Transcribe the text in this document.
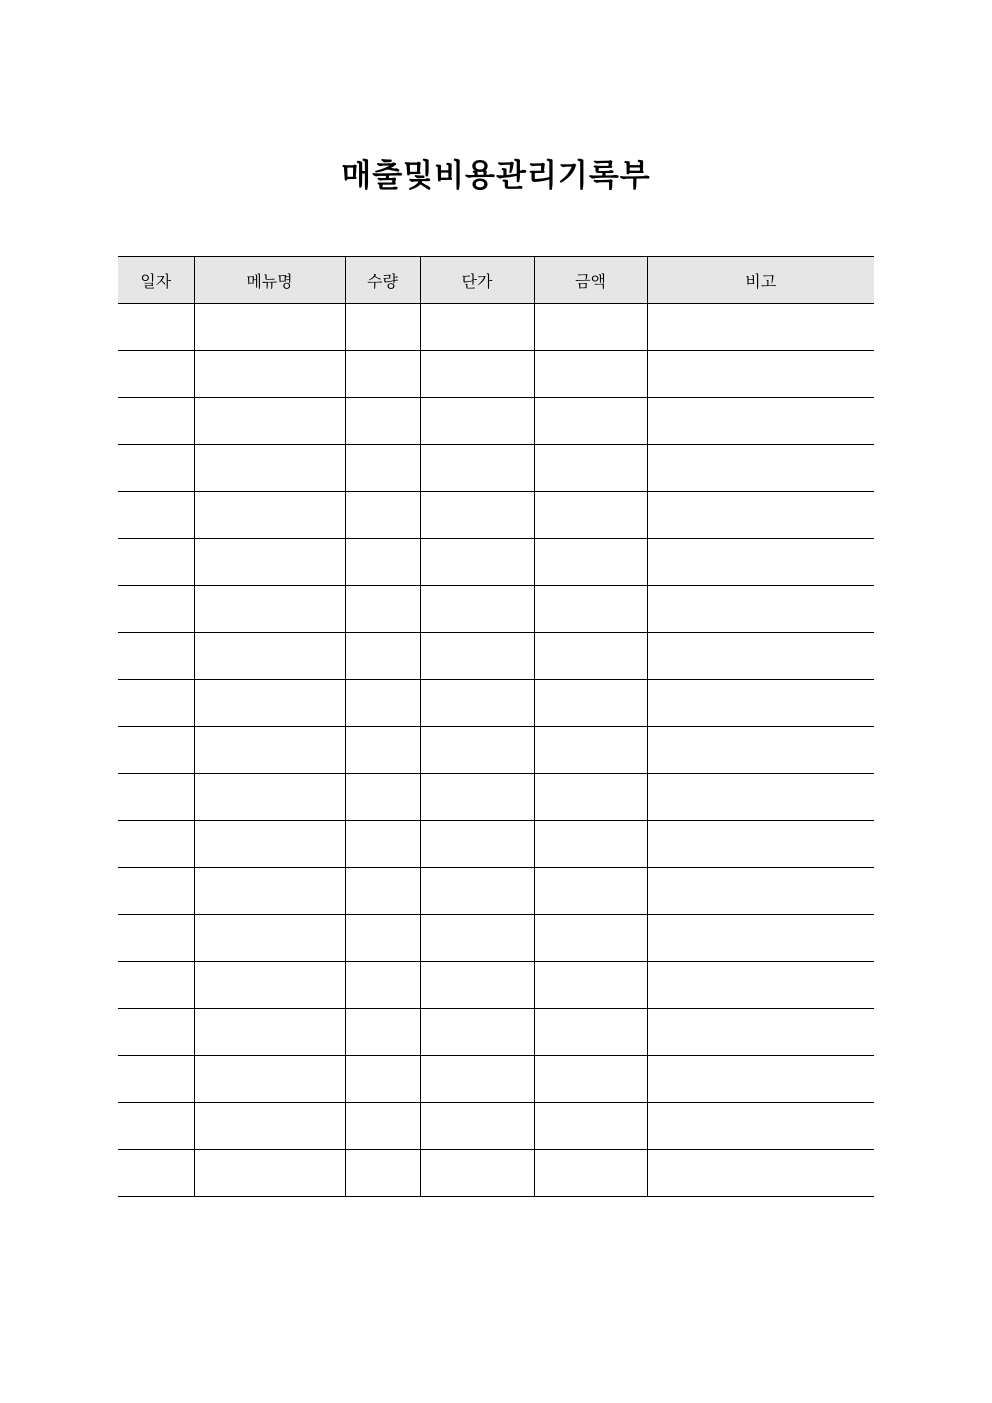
매출및비용관리기록부
일자	메뉴명	수량	단가	금액	비고
